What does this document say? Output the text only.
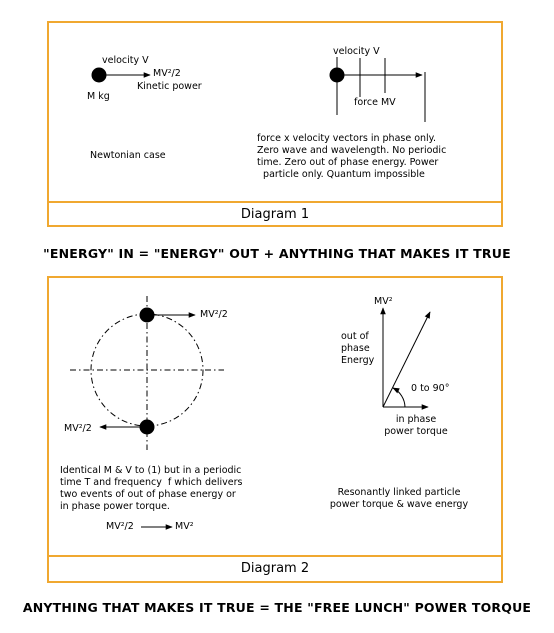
Diagram 1
velocity V
MV²/2
Kinetic power
M kg
Newtonian case
velocity V
force MV
force x velocity vectors in phase only.
Zero wave and wavelength. No periodic
time. Zero out of phase energy. Power
particle only. Quantum impossible
"ENERGY" IN = "ENERGY" OUT + ANYTHING THAT MAKES IT TRUE
Diagram 2
MV²/2
MV²/2
Identical M & V to (1) but in a periodic
time T and frequency  f which delivers
two events of out of phase energy or
in phase power torque.
MV²/2	MV²
MV²
out of
phase
Energy
0 to 90°
in phase
power torque
Resonantly linked particle
power torque & wave energy
ANYTHING THAT MAKES IT TRUE = THE "FREE LUNCH" POWER TORQUE
